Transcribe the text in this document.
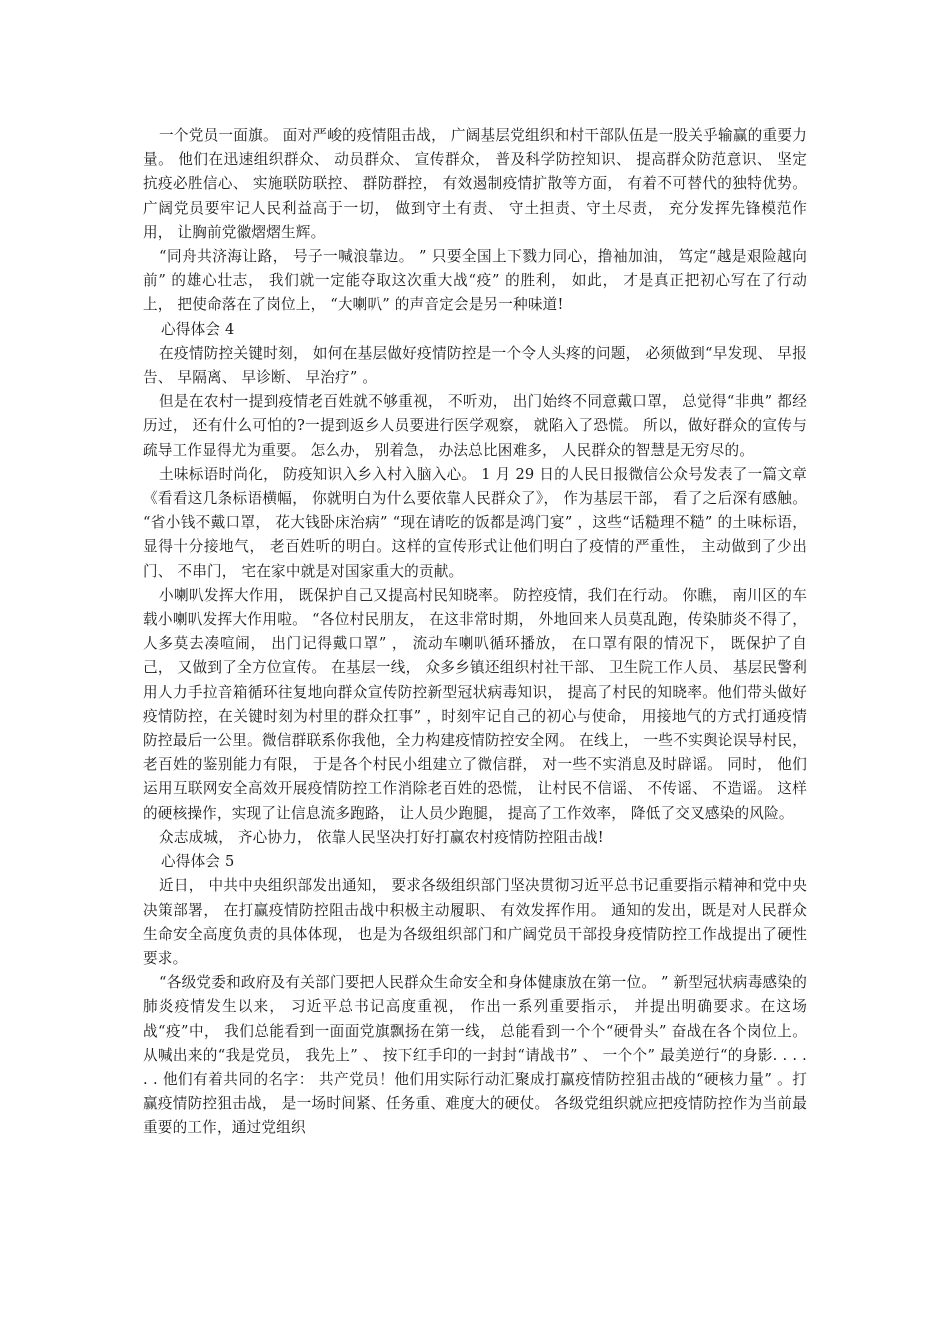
一个党员一面旗。 面对严峻的疫情阻击战， 广阔基层党组织和村干部队伍是一股关乎输赢的重要力量。 他们在迅速组织群众、 动员群众、 宣传群众， 普及科学防控知识、 提高群众防范意识、 坚定抗疫必胜信心、 实施联防联控、 群防群控， 有效遏制疫情扩散等方面， 有着不可替代的独特优势。 广阔党员要牢记人民利益高于一切， 做到守土有责、 守土担责、守土尽责， 充分发挥先锋模范作用， 让胸前党徽熠熠生辉。

“同舟共济海让路， 号子一喊浪靠边。 ” 只要全国上下戮力同心，撸袖加油， 笃定“越是艰险越向前” 的雄心壮志， 我们就一定能夺取这次重大战“疫” 的胜利， 如此， 才是真正把初心写在了行动上， 把使命落在了岗位上， “大喇叭” 的声音定会是另一种味道!

心得体会 4

在疫情防控关键时刻， 如何在基层做好疫情防控是一个令人头疼的问题， 必须做到“早发现、 早报告、 早隔离、 早诊断、 早治疗” 。

但是在农村一提到疫情老百姓就不够重视， 不听劝， 出门始终不同意戴口罩， 总觉得“非典” 都经历过， 还有什么可怕的?一提到返乡人员要进行医学观察， 就陷入了恐慌。 所以，做好群众的宣传与疏导工作显得尤为重要。 怎么办， 别着急， 办法总比困难多， 人民群众的智慧是无穷尽的。

土味标语时尚化， 防疫知识入乡入村入脑入心。 1 月 29 日的人民日报微信公众号发表了一篇文章《看看这几条标语横幅， 你就明白为什么要依靠人民群众了》， 作为基层干部， 看了之后深有感触。 “省小钱不戴口罩， 花大钱卧床治病” “现在请吃的饭都是鸿门宴” ，这些“话糙理不糙” 的土味标语， 显得十分接地气， 老百姓听的明白。这样的宣传形式让他们明白了疫情的严重性， 主动做到了少出门、 不串门， 宅在家中就是对国家重大的贡献。

小喇叭发挥大作用， 既保护自己又提高村民知晓率。 防控疫情，我们在行动。 你瞧， 南川区的车载小喇叭发挥大作用啦。 “各位村民朋友， 在这非常时期， 外地回来人员莫乱跑，传染肺炎不得了， 人多莫去凑喧闹， 出门记得戴口罩” ， 流动车喇叭循环播放， 在口罩有限的情况下， 既保护了自己， 又做到了全方位宣传。 在基层一线， 众多乡镇还组织村社干部、 卫生院工作人员、 基层民警利用人力手拉音箱循环往复地向群众宣传防控新型冠状病毒知识， 提高了村民的知晓率。他们带头做好疫情防控，在关键时刻为村里的群众扛事” ，时刻牢记自己的初心与使命， 用接地气的方式打通疫情防控最后一公里。微信群联系你我他，全力构建疫情防控安全网。 在线上， 一些不实舆论误导村民， 老百姓的鉴别能力有限， 于是各个村民小组建立了微信群， 对一些不实消息及时辟谣。 同时， 他们运用互联网安全高效开展疫情防控工作消除老百姓的恐慌， 让村民不信谣、 不传谣、 不造谣。 这样的硬核操作，实现了让信息流多跑路， 让人员少跑腿， 提高了工作效率， 降低了交叉感染的风险。

众志成城， 齐心协力， 依靠人民坚决打好打赢农村疫情防控阻击战!

心得体会 5

近日， 中共中央组织部发出通知， 要求各级组织部门坚决贯彻习近平总书记重要指示精神和党中央决策部署， 在打赢疫情防控阻击战中积极主动履职、 有效发挥作用。 通知的发出，既是对人民群众生命安全高度负责的具体体现， 也是为各级组织部门和广阔党员干部投身疫情防控工作战提出了硬性要求。

“各级党委和政府及有关部门要把人民群众生命安全和身体健康放在第一位。 ” 新型冠状病毒感染的肺炎疫情发生以来， 习近平总书记高度重视， 作出一系列重要指示， 并提出明确要求。在这场战“疫”中， 我们总能看到一面面党旗飘扬在第一线， 总能看到一个个“硬骨头” 奋战在各个岗位上。 从喊出来的“我是党员， 我先上” 、 按下红手印的一封封“请战书” 、 一个个” 最美逆行“的身影. . . . . . 他们有着共同的名字： 共产党员！他们用实际行动汇聚成打赢疫情防控狙击战的“硬核力量” 。打赢疫情防控狙击战， 是一场时间紧、任务重、难度大的硬仗。 各级党组织就应把疫情防控作为当前最重要的工作，通过党组织
